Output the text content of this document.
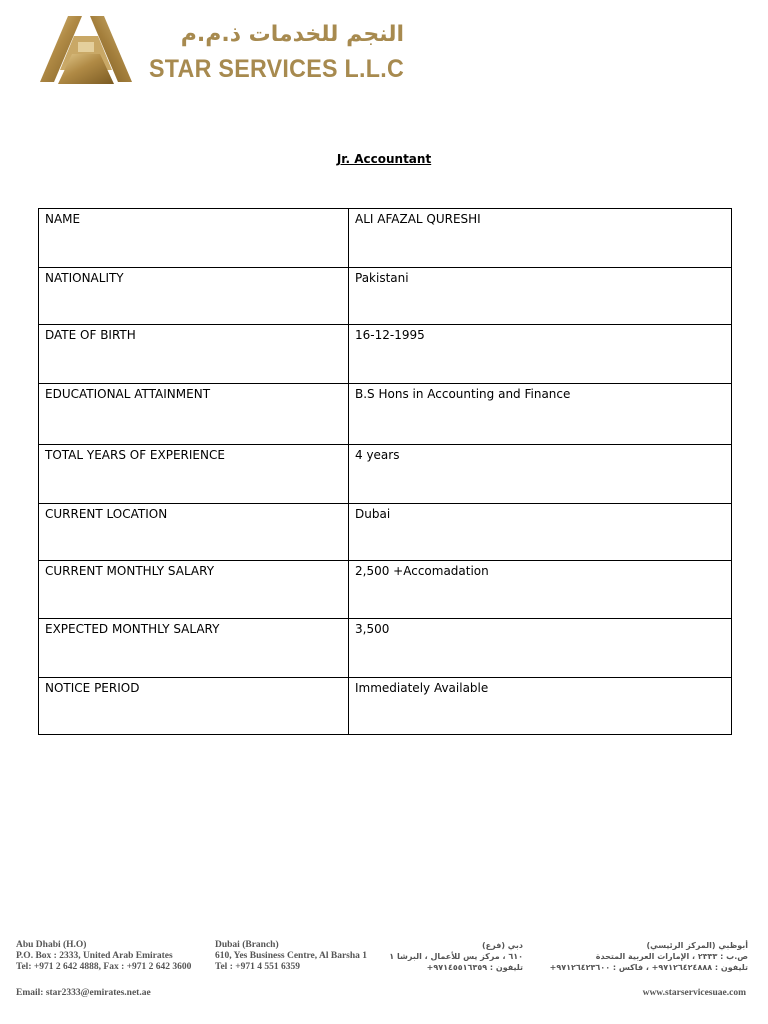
النجم للخدمات ذ.م.م
STAR SERVICES L.L.C
Jr. Accountant
NAME	ALI AFAZAL QURESHI
NATIONALITY	Pakistani
DATE OF BIRTH	16-12-1995
EDUCATIONAL ATTAINMENT	B.S Hons in Accounting and Finance
TOTAL YEARS OF EXPERIENCE	4 years
CURRENT LOCATION	Dubai
CURRENT MONTHLY SALARY	2,500 +Accomadation
EXPECTED MONTHLY SALARY	3,500
NOTICE PERIOD	Immediately Available
Abu Dhabi (H.O)
P.O. Box : 2333, United Arab Emirates
Tel: +971 2 642 4888, Fax : +971 2 642 3600
Dubai (Branch)
610, Yes Business Centre, Al Barsha 1
Tel : +971 4 551 6359
دبي (فرع)
٦١٠ ، مركز يس للأعمال ، البرشا ١
تليفون : ٩٧١٤٥٥١٦٣٥٩+
أبوظبي (المركز الرئيسي)
ص.ب : ٢٣٣٣ ، الإمارات العربية المتحدة
تليفون : ٩٧١٢٦٤٢٤٨٨٨+ ، فاكس : ٩٧١٢٦٤٢٣٦٠٠+
Email: star2333@emirates.net.ae	www.starservicesuae.com
